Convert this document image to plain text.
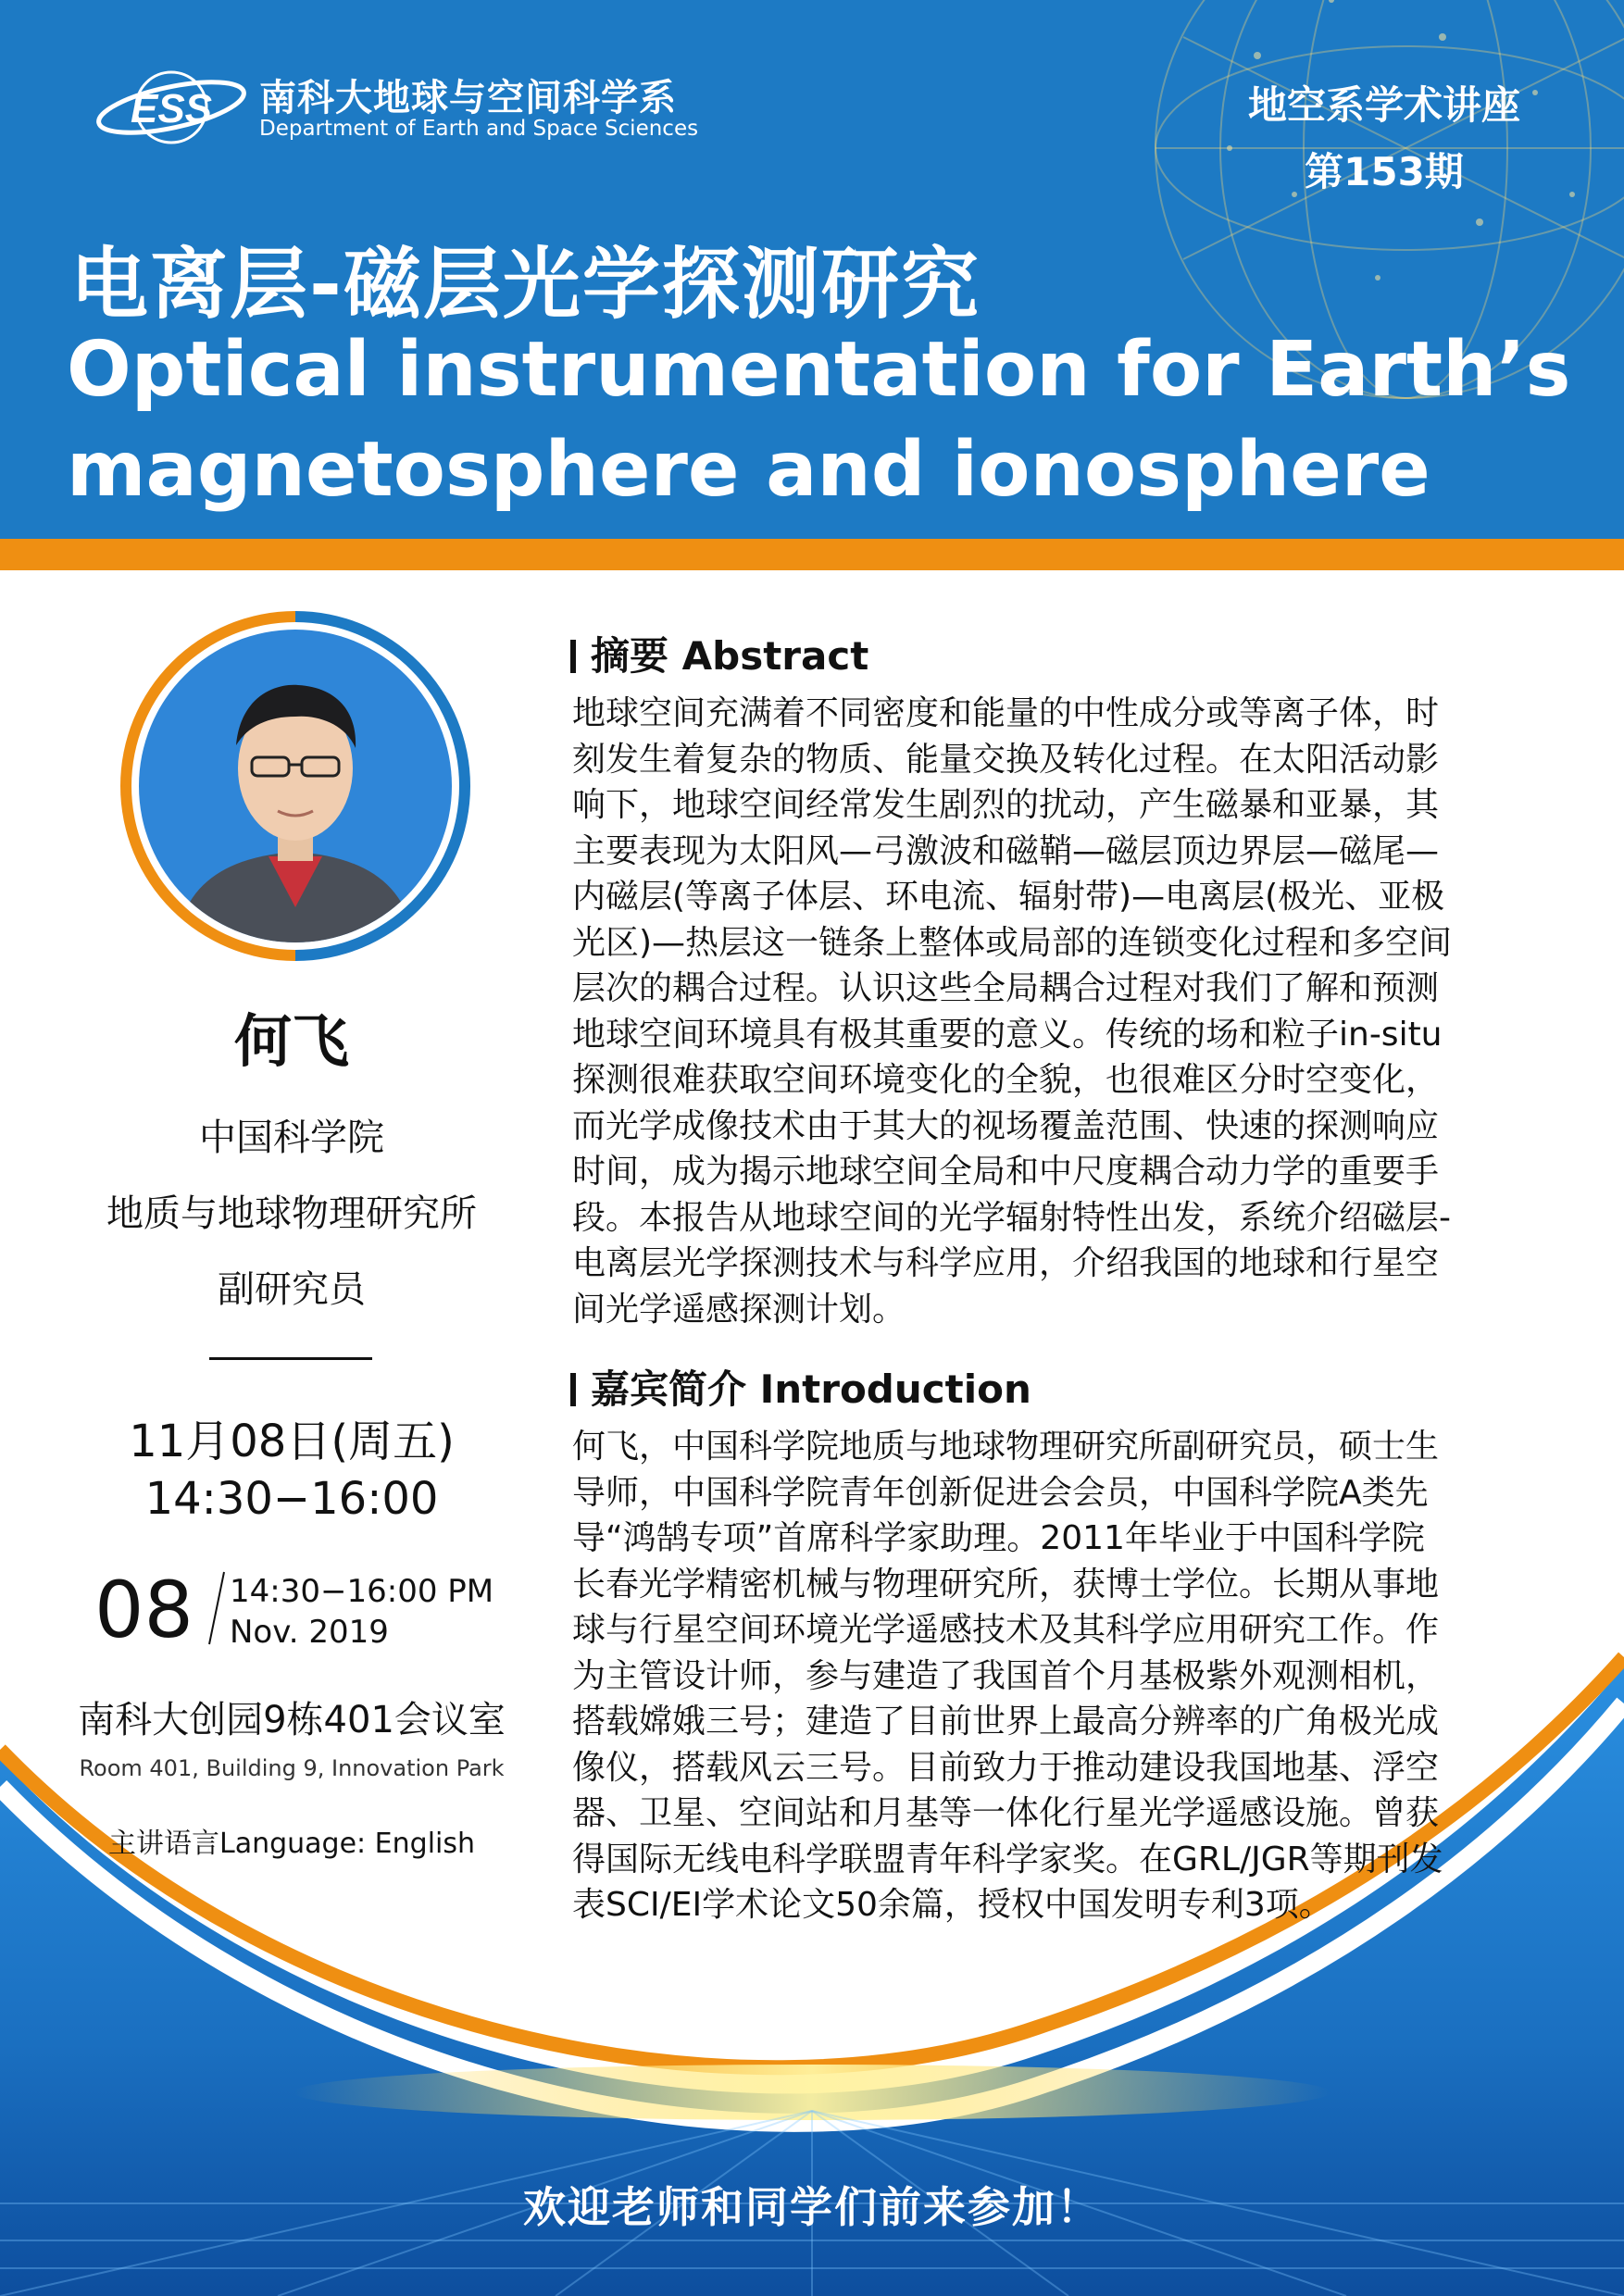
ESS 南科大地球与空间科学系
Department of Earth and Space Sciences
地空系学术讲座
第153期
电离层-磁层光学探测研究
Optical instrumentation for Earth’s
magnetosphere and ionosphere
何飞
中国科学院
地质与地球物理研究所
副研究员
11月08日(周五)
14:30−16:00
08 14:30−16:00 PM
Nov. 2019
南科大创园9栋401会议室
Room 401, Building 9, Innovation Park
主讲语言Language: English
摘要 Abstract
地球空间充满着不同密度和能量的中性成分或等离子体，时
刻发生着复杂的物质、能量交换及转化过程。在太阳活动影
响下，地球空间经常发生剧烈的扰动，产生磁暴和亚暴，其
主要表现为太阳风—弓激波和磁鞘—磁层顶边界层—磁尾—
内磁层(等离子体层、环电流、辐射带)—电离层(极光、亚极
光区)—热层这一链条上整体或局部的连锁变化过程和多空间
层次的耦合过程。认识这些全局耦合过程对我们了解和预测
地球空间环境具有极其重要的意义。传统的场和粒子in-situ
探测很难获取空间环境变化的全貌，也很难区分时空变化，
而光学成像技术由于其大的视场覆盖范围、快速的探测响应
时间，成为揭示地球空间全局和中尺度耦合动力学的重要手
段。本报告从地球空间的光学辐射特性出发，系统介绍磁层-
电离层光学探测技术与科学应用，介绍我国的地球和行星空
间光学遥感探测计划。
嘉宾简介 Introduction
何飞，中国科学院地质与地球物理研究所副研究员，硕士生
导师，中国科学院青年创新促进会会员，中国科学院A类先
导“鸿鹄专项”首席科学家助理。2011年毕业于中国科学院
长春光学精密机械与物理研究所，获博士学位。长期从事地
球与行星空间环境光学遥感技术及其科学应用研究工作。作
为主管设计师，参与建造了我国首个月基极紫外观测相机，
搭载嫦娥三号；建造了目前世界上最高分辨率的广角极光成
像仪，搭载风云三号。目前致力于推动建设我国地基、浮空
器、卫星、空间站和月基等一体化行星光学遥感设施。曾获
得国际无线电科学联盟青年科学家奖。在GRL/JGR等期刊发
表SCI/EI学术论文50余篇，授权中国发明专利3项。
欢迎老师和同学们前来参加！
